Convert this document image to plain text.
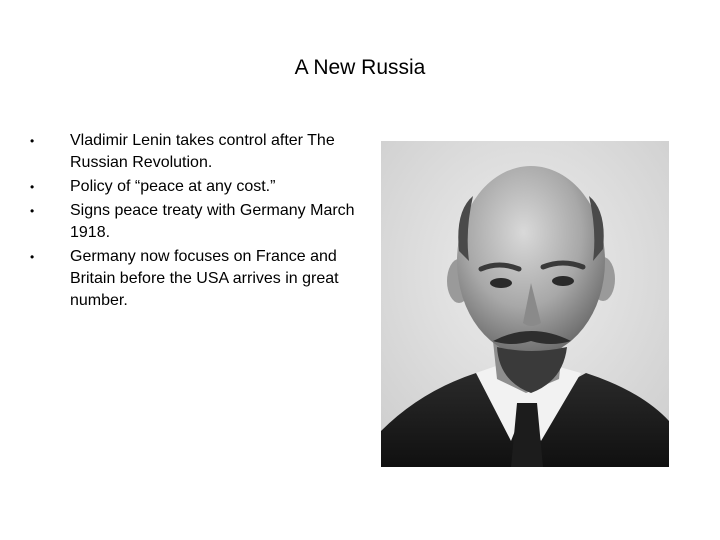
A New Russia
• Vladimir Lenin takes control after The Russian Revolution.
• Policy of “peace at any cost.”
• Signs peace treaty with Germany March 1918.
• Germany now focuses on France and Britain before the USA arrives in great number.
